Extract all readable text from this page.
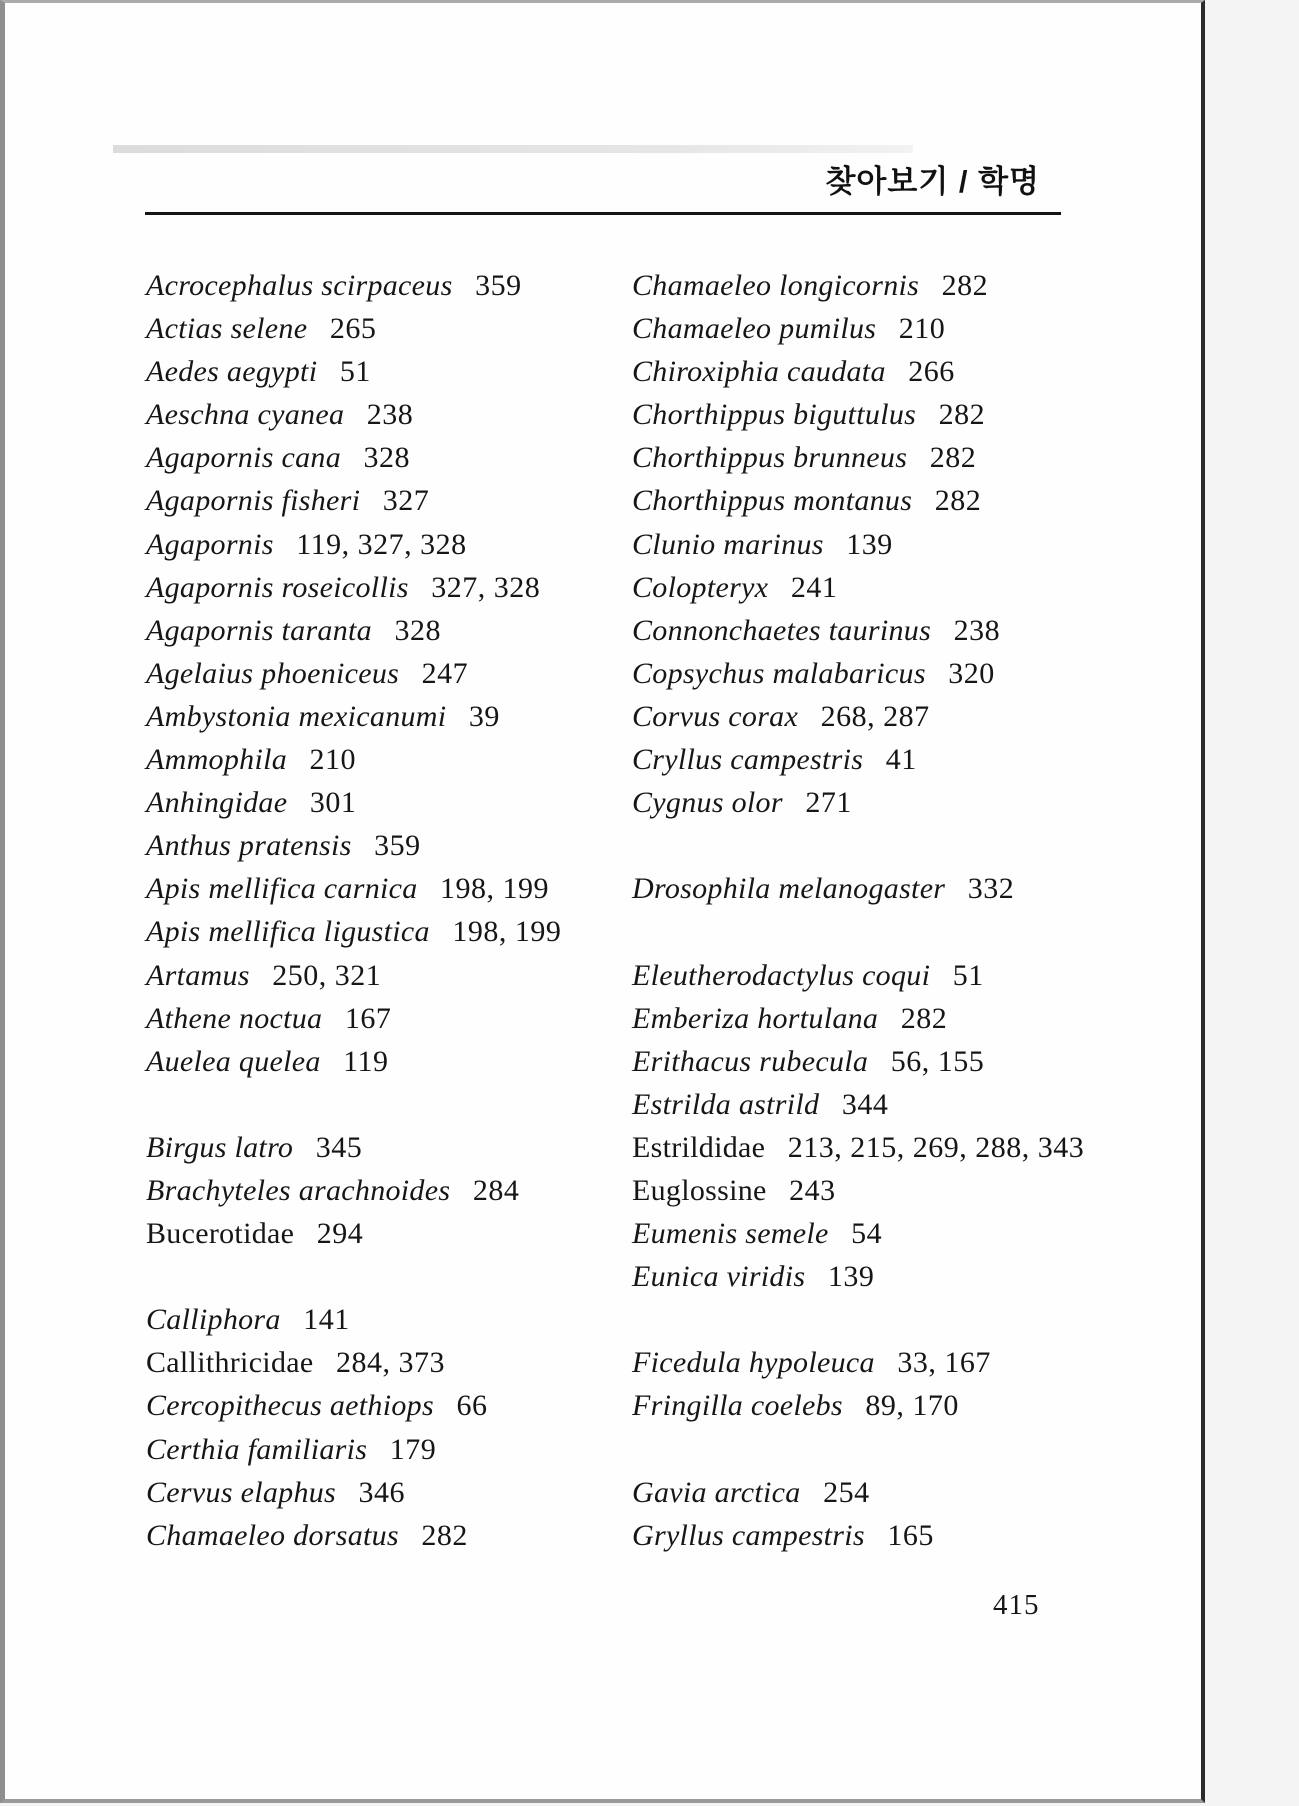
찾아보기 / 학명
Acrocephalus scirpaceus 359
Actias selene 265
Aedes aegypti 51
Aeschna cyanea 238
Agapornis cana 328
Agapornis fisheri 327
Agapornis 119, 327, 328
Agapornis roseicollis 327, 328
Agapornis taranta 328
Agelaius phoeniceus 247
Ambystonia mexicanumi 39
Ammophila 210
Anhingidae 301
Anthus pratensis 359
Apis mellifica carnica 198, 199
Apis mellifica ligustica 198, 199
Artamus 250, 321
Athene noctua 167
Auelea quelea 119
Birgus latro 345
Brachyteles arachnoides 284
Bucerotidae 294
Calliphora 141
Callithricidae 284, 373
Cercopithecus aethiops 66
Certhia familiaris 179
Cervus elaphus 346
Chamaeleo dorsatus 282
Chamaeleo longicornis 282
Chamaeleo pumilus 210
Chiroxiphia caudata 266
Chorthippus biguttulus 282
Chorthippus brunneus 282
Chorthippus montanus 282
Clunio marinus 139
Colopteryx 241
Connonchaetes taurinus 238
Copsychus malabaricus 320
Corvus corax 268, 287
Cryllus campestris 41
Cygnus olor 271
Drosophila melanogaster 332
Eleutherodactylus coqui 51
Emberiza hortulana 282
Erithacus rubecula 56, 155
Estrilda astrild 344
Estrildidae 213, 215, 269, 288, 343
Euglossine 243
Eumenis semele 54
Eunica viridis 139
Ficedula hypoleuca 33, 167
Fringilla coelebs 89, 170
Gavia arctica 254
Gryllus campestris 165
415
